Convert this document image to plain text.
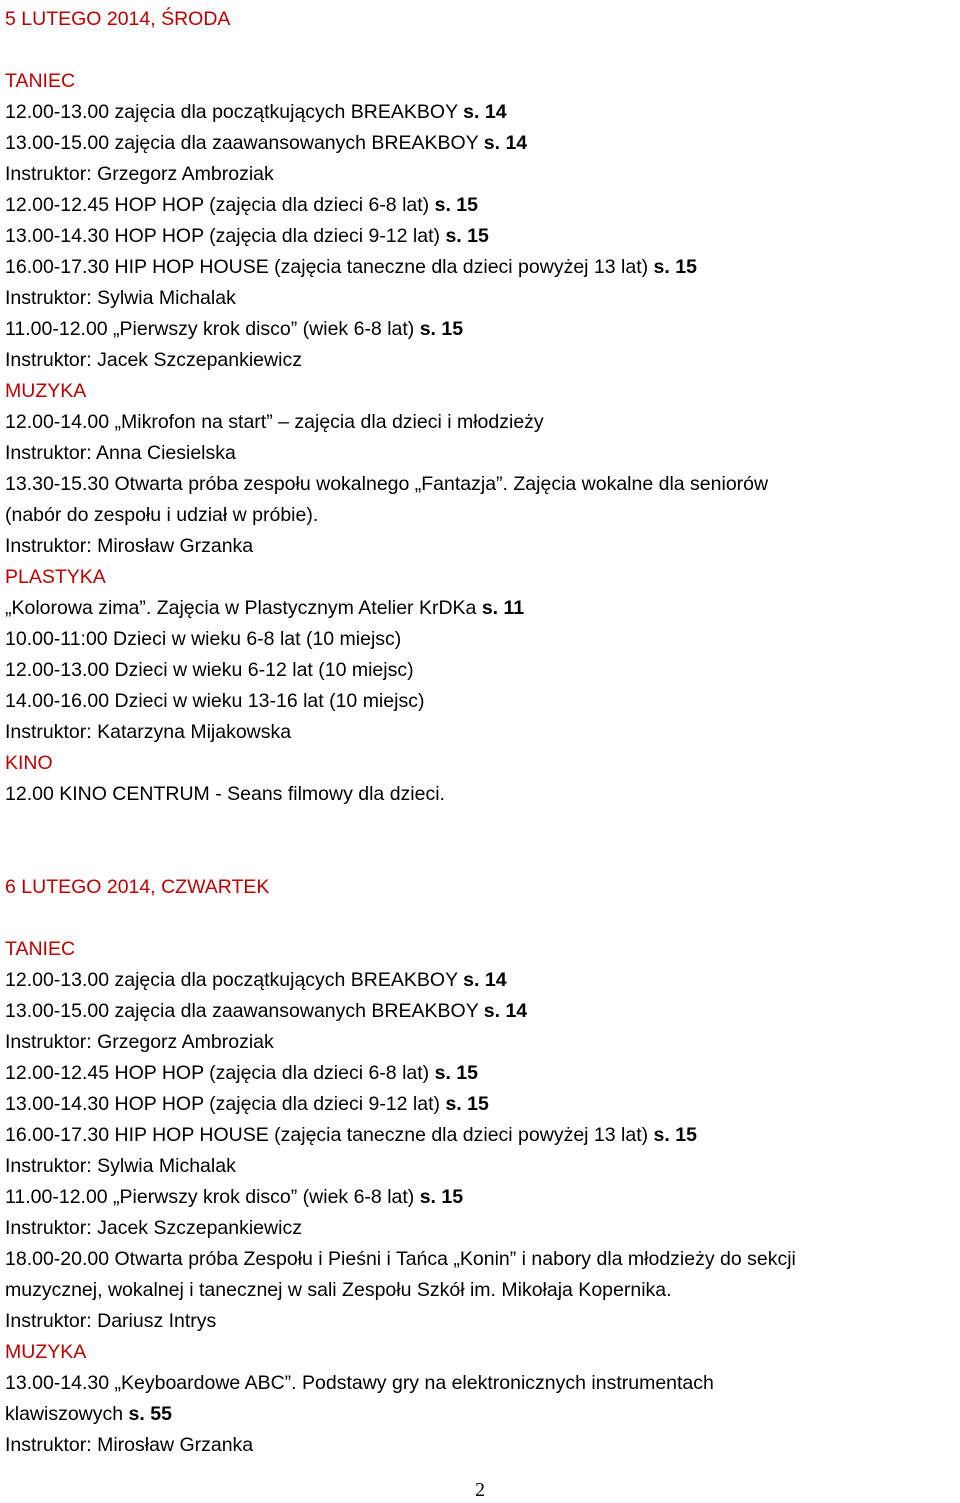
5 LUTEGO 2014, ŚRODA
TANIEC
12.00-13.00 zajęcia dla początkujących BREAKBOY s. 14
13.00-15.00 zajęcia dla zaawansowanych BREAKBOY s. 14
Instruktor: Grzegorz Ambroziak
12.00-12.45 HOP HOP (zajęcia dla dzieci 6-8 lat) s. 15
13.00-14.30 HOP HOP (zajęcia dla dzieci 9-12 lat) s. 15
16.00-17.30 HIP HOP HOUSE (zajęcia taneczne dla dzieci powyżej 13 lat) s. 15
Instruktor: Sylwia Michalak
11.00-12.00 „Pierwszy krok disco” (wiek 6-8 lat) s. 15
Instruktor: Jacek Szczepankiewicz
MUZYKA
12.00-14.00 „Mikrofon na start” – zajęcia dla dzieci i młodzieży
Instruktor: Anna Ciesielska
13.30-15.30 Otwarta próba zespołu wokalnego „Fantazja”. Zajęcia wokalne dla seniorów
(nabór do zespołu i udział w próbie).
Instruktor: Mirosław Grzanka
PLASTYKA
„Kolorowa zima”. Zajęcia w Plastycznym Atelier KrDKa s. 11
10.00-11:00 Dzieci w wieku 6-8 lat (10 miejsc)
12.00-13.00 Dzieci w wieku 6-12 lat (10 miejsc)
14.00-16.00 Dzieci w wieku 13-16 lat (10 miejsc)
Instruktor: Katarzyna Mijakowska
KINO
12.00 KINO CENTRUM - Seans filmowy dla dzieci.
6 LUTEGO 2014, CZWARTEK
TANIEC
12.00-13.00 zajęcia dla początkujących BREAKBOY s. 14
13.00-15.00 zajęcia dla zaawansowanych BREAKBOY s. 14
Instruktor: Grzegorz Ambroziak
12.00-12.45 HOP HOP (zajęcia dla dzieci 6-8 lat) s. 15
13.00-14.30 HOP HOP (zajęcia dla dzieci 9-12 lat) s. 15
16.00-17.30 HIP HOP HOUSE (zajęcia taneczne dla dzieci powyżej 13 lat) s. 15
Instruktor: Sylwia Michalak
11.00-12.00 „Pierwszy krok disco” (wiek 6-8 lat) s. 15
Instruktor: Jacek Szczepankiewicz
18.00-20.00 Otwarta próba Zespołu i Pieśni i Tańca „Konin” i nabory dla młodzieży do sekcji
muzycznej, wokalnej i tanecznej w sali Zespołu Szkół im. Mikołaja Kopernika.
Instruktor: Dariusz Intrys
MUZYKA
13.00-14.30 „Keyboardowe ABC”. Podstawy gry na elektronicznych instrumentach
klawiszowych s. 55
Instruktor: Mirosław Grzanka
2
